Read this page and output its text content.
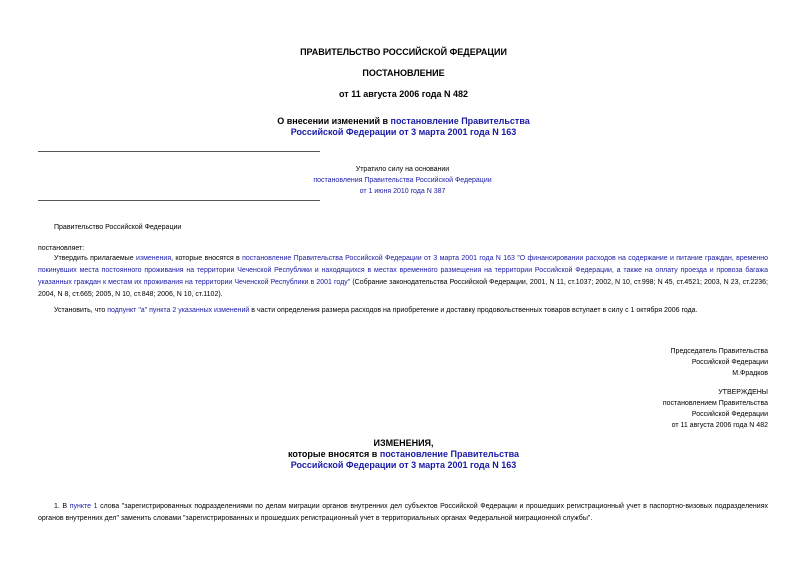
ПРАВИТЕЛЬСТВО РОССИЙСКОЙ ФЕДЕРАЦИИ
ПОСТАНОВЛЕНИЕ
от 11 августа 2006 года N 482
О внесении изменений в постановление Правительства
Российской Федерации от 3 марта 2001 года N 163
Утратило силу на основании
постановления Правительства Российской Федерации
от 1 июня 2010 года N 387
Правительство Российской Федерации
постановляет:
Утвердить прилагаемые изменения, которые вносятся в постановление Правительства Российской Федерации от 3 марта 2001 года N 163 "О финансировании расходов на содержание и питание граждан, временно покинувших места постоянного проживания на территории Чеченской Республики и находящихся в местах временного размещения на территории Российской Федерации, а также на оплату проезда и провоза багажа указанных граждан к местам их проживания на территории Чеченской Республики в 2001 году" (Собрание законодательства Российской Федерации, 2001, N 11, ст.1037; 2002, N 10, ст.998; N 45, ст.4521; 2003, N 23, ст.2236; 2004, N 8, ст.665; 2005, N 10, ст.848; 2006, N 10, ст.1102).
Установить, что подпункт "а" пункта 2 указанных изменений в части определения размера расходов на приобретение и доставку продовольственных товаров вступает в силу с 1 октября 2006 года.
Председатель Правительства
Российской Федерации
М.Фрадков
УТВЕРЖДЕНЫ
постановлением Правительства
Российской Федерации
от 11 августа 2006 года N 482
ИЗМЕНЕНИЯ,
которые вносятся в постановление Правительства
Российской Федерации от 3 марта 2001 года N 163
1. В пункте 1 слова "зарегистрированных подразделениями по делам миграции органов внутренних дел субъектов Российской Федерации и прошедших регистрационный учет в паспортно-визовых подразделениях органов внутренних дел" заменить словами "зарегистрированных и прошедших регистрационный учет в территориальных органах Федеральной миграционной службы".
